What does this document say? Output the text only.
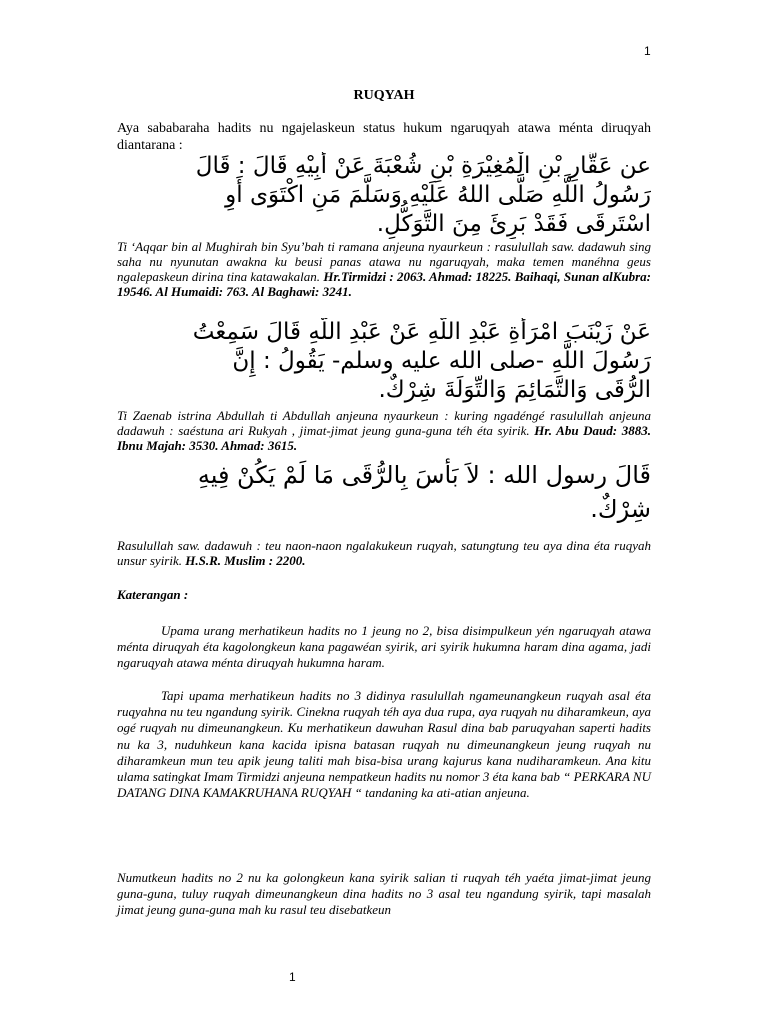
1
RUQYAH
Aya sababaraha hadits nu ngajelaskeun status hukum ngaruqyah atawa ménta diruqyah diantarana :
عن عَقَّارِ بْنِ الْمُغِيْرَةِ بْنِ شُعْبَةَ عَنْ أَبِيْهِ قَالَ : قَالَ
رَسُولُ اللَّهِ صَلَّى اللهُ عَلَيْهِ وَسَلَّمَ مَنِ اكْتَوَى أَوِ
اسْتَرقَى فَقَدْ بَرِئَ مِنَ التَّوَكُّلِ.
Ti ‘Aqqar bin al Mughirah bin Syu’bah ti ramana anjeuna nyaurkeun : rasulullah saw. dadawuh sing saha nu nyunutan awakna ku beusi panas atawa nu ngaruqyah, maka temen manéhna geus ngalepaskeun dirina tina katawakalan. Hr.Tirmidzi : 2063. Ahmad: 18225. Baihaqi, Sunan alKubra: 19546. Al Humaidi: 763. Al Baghawi: 3241.
عَنْ زَيْنَبَ امْرَأَةِ عَبْدِ اللَّهِ عَنْ عَبْدِ اللَّهِ قَالَ سَمِعْتُ
رَسُولَ اللَّهِ -صلى الله عليه وسلم- يَقُولُ : إِنَّ
الرُّقَى وَالتَّمَائِمَ وَالتِّوَلَةَ شِرْكٌ.
Ti Zaenab istrina Abdullah ti Abdullah anjeuna nyaurkeun : kuring ngadéngé rasulullah anjeuna dadawuh : saéstuna ari Rukyah , jimat-jimat jeung guna-guna téh éta syirik. Hr. Abu Daud: 3883. Ibnu Majah: 3530. Ahmad: 3615.
قَالَ رسول الله : لاَ بَأْسَ بِالرُّقَى مَا لَمْ يَكُنْ فِيهِ
شِرْكٌ.
Rasulullah saw. dadawuh : teu naon-naon ngalakukeun ruqyah, satungtung teu aya dina éta ruqyah unsur syirik. H.S.R. Muslim : 2200.
Katerangan :
Upama urang merhatikeun hadits no 1 jeung no 2, bisa disimpulkeun yén ngaruqyah atawa ménta diruqyah éta kagolongkeun kana pagawéan syirik, ari syirik hukumna haram dina agama, jadi ngaruqyah atawa ménta diruqyah hukumna haram.
Tapi upama merhatikeun hadits no 3 didinya rasulullah ngameunangkeun ruqyah asal éta ruqyahna nu teu ngandung syirik. Cinekna ruqyah téh aya dua rupa, aya ruqyah nu diharamkeun, aya ogé ruqyah nu dimeunangkeun. Ku merhatikeun dawuhan Rasul dina bab paruqyahan saperti hadits nu ka 3, nuduhkeun kana kacida ipisna batasan ruqyah nu dimeunangkeun jeung ruqyah nu diharamkeun mun teu apik jeung taliti mah bisa-bisa urang kajurus kana nudiharamkeun. Ana kitu ulama satingkat Imam Tirmidzi anjeuna nempatkeun hadits nu nomor 3 éta kana bab “ PERKARA NU DATANG DINA KAMAKRUHANA RUQYAH “ tandaning ka ati-atian anjeuna.
Numutkeun hadits no 2 nu ka golongkeun kana syirik salian ti ruqyah téh yaéta jimat-jimat jeung guna-guna, tuluy ruqyah dimeunangkeun dina hadits no 3 asal teu ngandung syirik, tapi masalah jimat jeung guna-guna mah ku rasul teu disebatkeun
1
